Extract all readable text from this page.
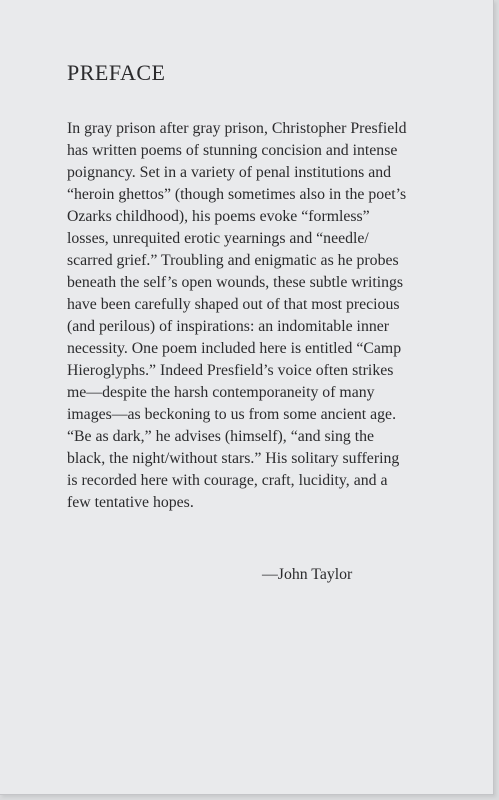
PREFACE
In gray prison after gray prison, Christopher Presfield
has written poems of stunning concision and intense
poignancy. Set in a variety of penal institutions and
“heroin ghettos” (though sometimes also in the poet’s
Ozarks childhood), his poems evoke “formless”
losses, unrequited erotic yearnings and “needle/
scarred grief.” Troubling and enigmatic as he probes
beneath the self’s open wounds, these subtle writings
have been carefully shaped out of that most precious
(and perilous) of inspirations: an indomitable inner
necessity. One poem included here is entitled “Camp
Hieroglyphs.” Indeed Presfield’s voice often strikes
me—despite the harsh contemporaneity of many
images—as beckoning to us from some ancient age.
“Be as dark,” he advises (himself), “and sing the
black, the night/without stars.” His solitary suffering
is recorded here with courage, craft, lucidity, and a
few tentative hopes.
—John Taylor
